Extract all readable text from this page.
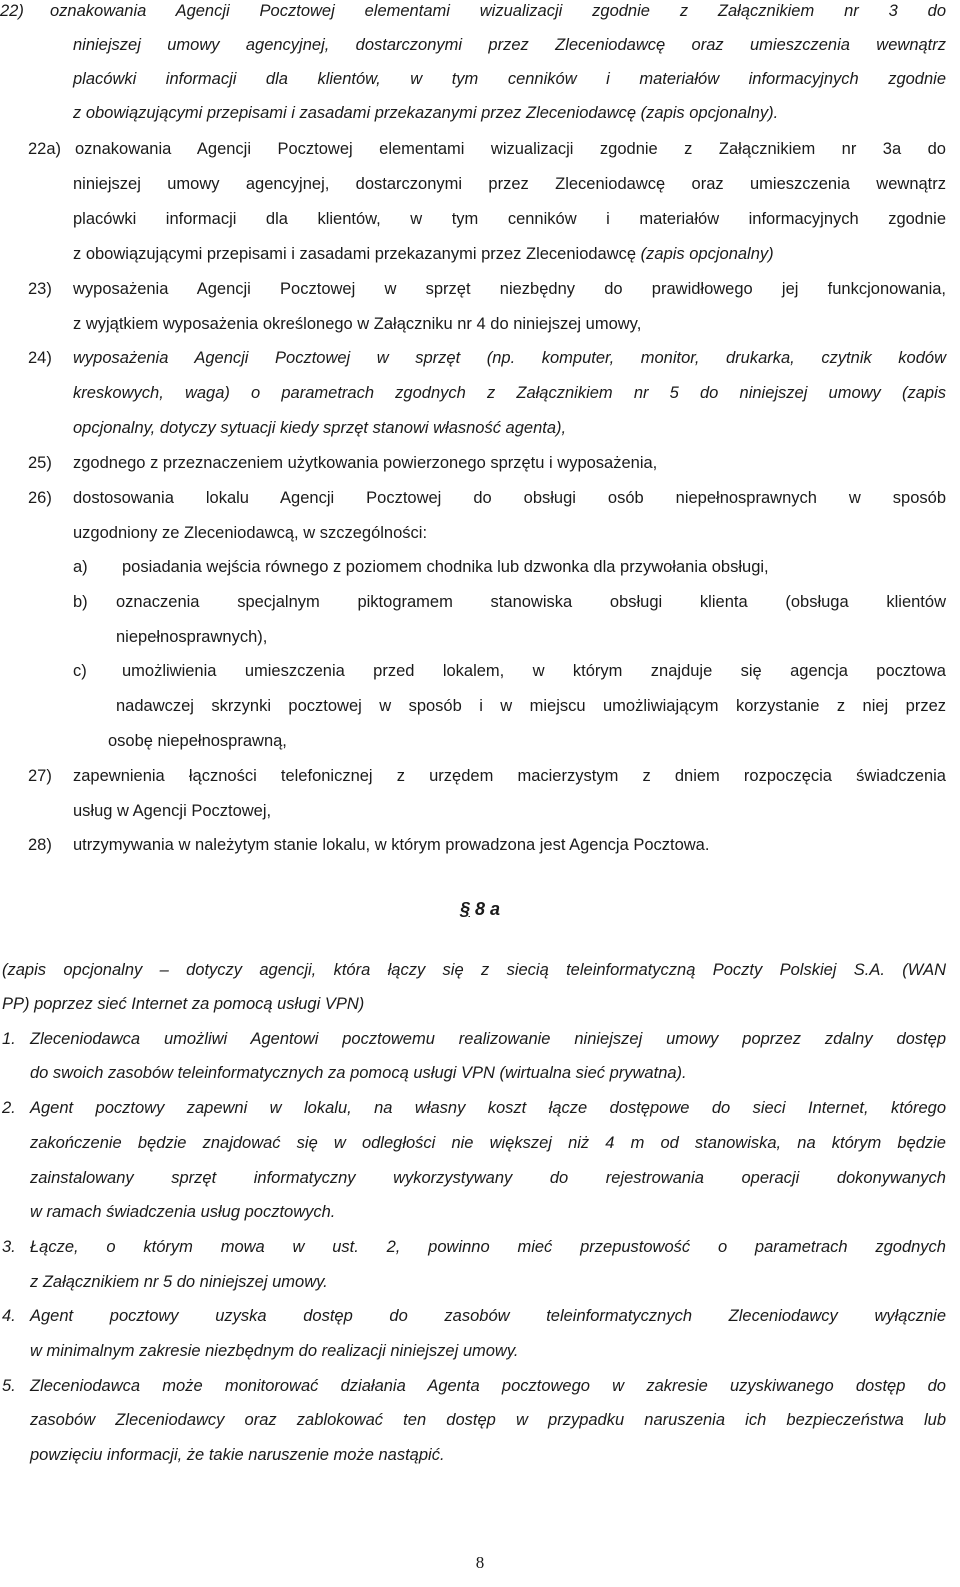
22) oznakowania Agencji Pocztowej elementami wizualizacji zgodnie z Załącznikiem nr 3 do
niniejszej umowy agencyjnej, dostarczonymi przez Zleceniodawcę oraz umieszczenia wewnątrz
placówki informacji dla klientów, w tym cenników i materiałów informacyjnych zgodnie
z obowiązującymi przepisami i zasadami przekazanymi przez Zleceniodawcę (zapis opcjonalny).
22a) oznakowania Agencji Pocztowej elementami wizualizacji zgodnie z Załącznikiem nr 3a do
niniejszej umowy agencyjnej, dostarczonymi przez Zleceniodawcę oraz umieszczenia wewnątrz
placówki informacji dla klientów, w tym cenników i materiałów informacyjnych zgodnie
z obowiązującymi przepisami i zasadami przekazanymi przez Zleceniodawcę (zapis opcjonalny)
23) wyposażenia Agencji Pocztowej w sprzęt niezbędny do prawidłowego jej funkcjonowania,
z wyjątkiem wyposażenia określonego w Załączniku nr 4 do niniejszej umowy,
24) wyposażenia Agencji Pocztowej w sprzęt (np. komputer, monitor, drukarka, czytnik kodów
kreskowych, waga) o parametrach zgodnych z Załącznikiem nr 5 do niniejszej umowy (zapis
opcjonalny, dotyczy sytuacji kiedy sprzęt stanowi własność agenta),
25) zgodnego z przeznaczeniem użytkowania powierzonego sprzętu i wyposażenia,
26) dostosowania lokalu Agencji Pocztowej do obsługi osób niepełnosprawnych w sposób
uzgodniony ze Zleceniodawcą, w szczególności:
a) posiadania wejścia równego z poziomem chodnika lub dzwonka dla przywołania obsługi,
b) oznaczenia specjalnym piktogramem stanowiska obsługi klienta (obsługa klientów
niepełnosprawnych),
c) umożliwienia umieszczenia przed lokalem, w którym znajduje się agencja pocztowa
nadawczej skrzynki pocztowej w sposób i w miejscu umożliwiającym korzystanie z niej przez
osobę niepełnosprawną,
27) zapewnienia łączności telefonicznej z urzędem macierzystym z dniem rozpoczęcia świadczenia
usług w Agencji Pocztowej,
28) utrzymywania w należytym stanie lokalu, w którym prowadzona jest Agencja Pocztowa.
§ 8 a
(zapis opcjonalny – dotyczy agencji, która łączy się z siecią teleinformatyczną Poczty Polskiej S.A. (WAN
PP) poprzez sieć Internet za pomocą usługi VPN)
1. Zleceniodawca umożliwi Agentowi pocztowemu realizowanie niniejszej umowy poprzez zdalny dostęp
do swoich zasobów teleinformatycznych za pomocą usługi VPN (wirtualna sieć prywatna).
2. Agent pocztowy zapewni w lokalu, na własny koszt łącze dostępowe do sieci Internet, którego
zakończenie będzie znajdować się w odległości nie większej niż 4 m od stanowiska, na którym będzie
zainstalowany sprzęt informatyczny wykorzystywany do rejestrowania operacji dokonywanych
w ramach świadczenia usług pocztowych.
3. Łącze, o którym mowa w ust. 2, powinno mieć przepustowość o parametrach zgodnych
z Załącznikiem nr 5 do niniejszej umowy.
4. Agent pocztowy uzyska dostęp do zasobów teleinformatycznych Zleceniodawcy wyłącznie
w minimalnym zakresie niezbędnym do realizacji niniejszej umowy.
5. Zleceniodawca może monitorować działania Agenta pocztowego w zakresie uzyskiwanego dostęp do
zasobów Zleceniodawcy oraz zablokować ten dostęp w przypadku naruszenia ich bezpieczeństwa lub
powzięciu informacji, że takie naruszenie może nastąpić.
8
